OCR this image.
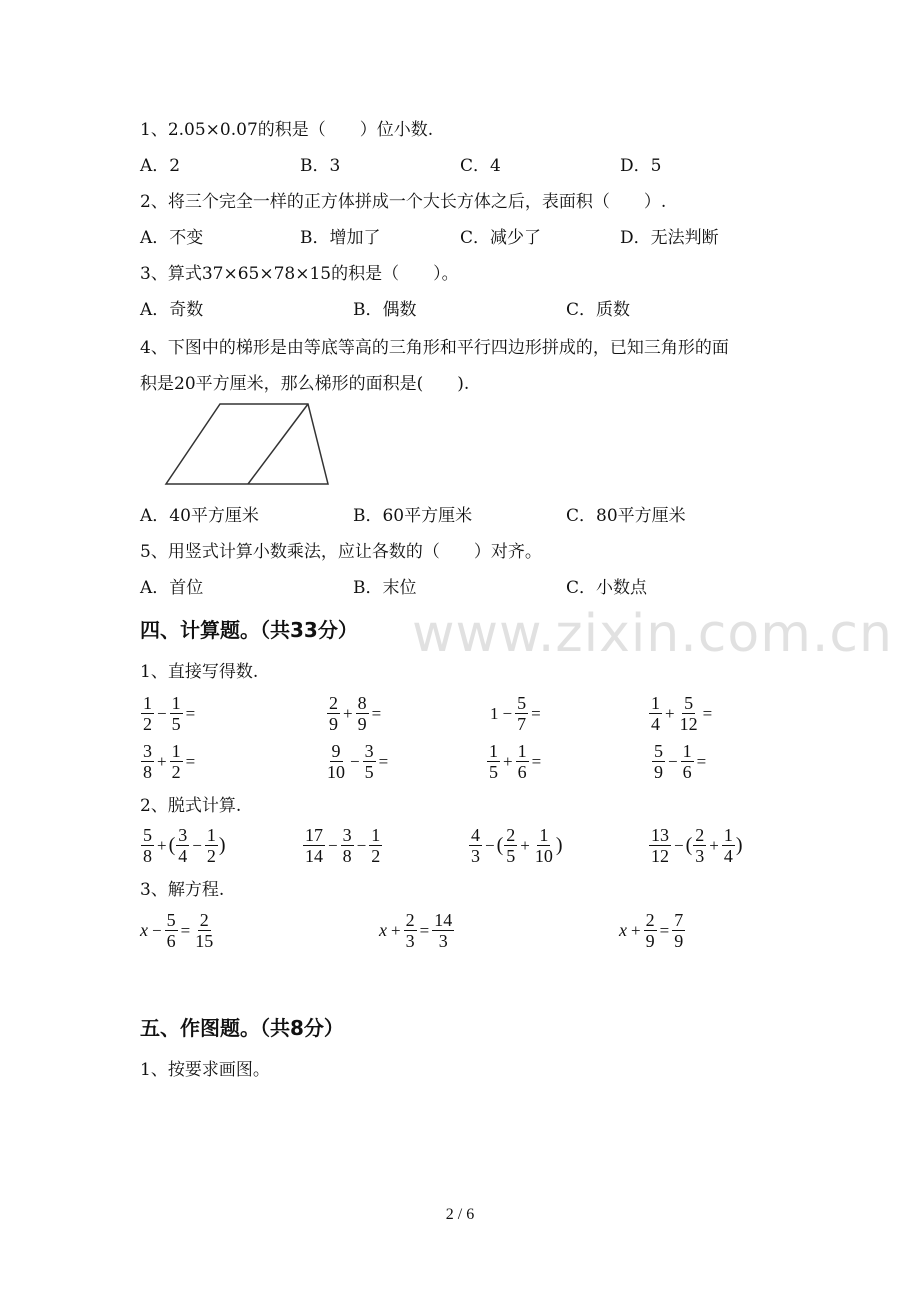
www.zixin.com.cn
1、2.05×0.07的积是（　　）位小数.
A．2	B．3	C．4	D．5
2、将三个完全一样的正方体拼成一个大长方体之后，表面积（　　）.
A．不变	B．增加了	C．减少了	D．无法判断
3、算式37×65×78×15的积是（　　）。
A．奇数	B．偶数	C．质数
4、下图中的梯形是由等底等高的三角形和平行四边形拼成的，已知三角形的面
积是20平方厘米，那么梯形的面积是(　　).
A．40平方厘米	B．60平方厘米	C．80平方厘米
5、用竖式计算小数乘法，应让各数的（　　）对齐。
A．首位	B．末位	C．小数点
四、计算题。（共33分）
1、直接写得数.
$\frac{1}{2} - \frac{1}{5}$ =	$\frac{2}{9} + \frac{8}{9}$ =	$1 - \frac{5}{7}$ =	$\frac{1}{4} + \frac{5}{12}$ =
$\frac{3}{8} + \frac{1}{2}$ =	$\frac{9}{10} - \frac{3}{5}$ =	$\frac{1}{5} + \frac{1}{6}$ =	$\frac{5}{9} - \frac{1}{6}$ =
2、脱式计算.
$\frac{5}{8}$ + ( $\frac{3}{4} - \frac{1}{2}$ )	$\frac{17}{14} - \frac{3}{8} - \frac{1}{2}$	$\frac{4}{3}$ − ( $\frac{2}{5} + \frac{1}{10}$ )	$\frac{13}{12}$ − ( $\frac{2}{3} + \frac{1}{4}$ )
3、解方程.
$x - \frac{5}{6} = \frac{2}{15}$	$x + \frac{2}{3} = \frac{14}{3}$	$x + \frac{2}{9} = \frac{7}{9}$
五、作图题。（共8分）
1、按要求画图。
2 / 6
